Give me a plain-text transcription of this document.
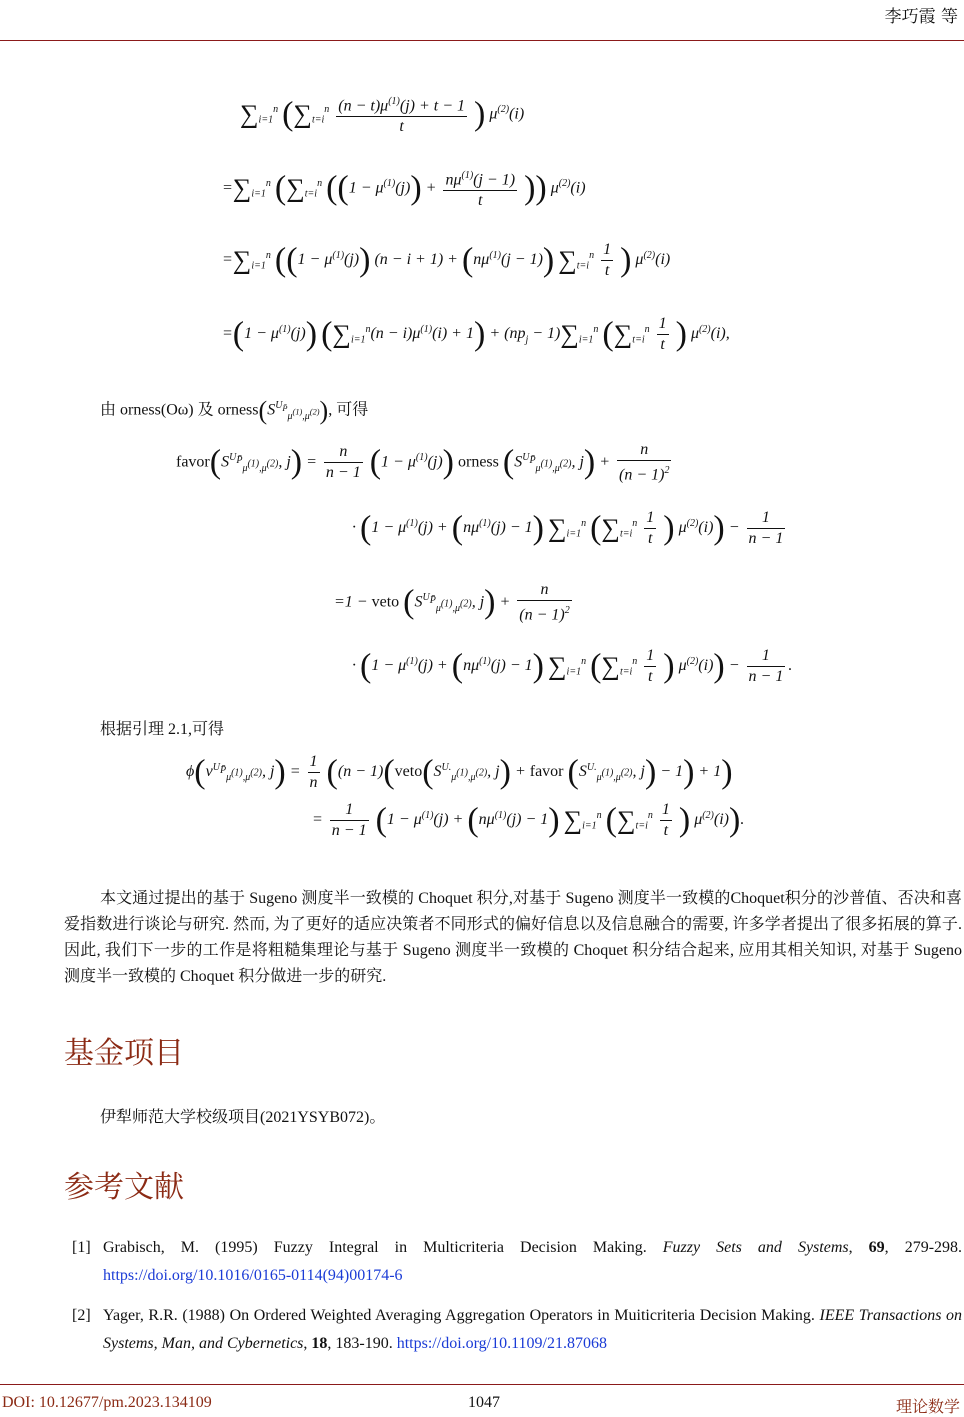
李巧霞 等
$\sum_{i=1}^n$ ($\sum_{t=i}^n \frac{(n - t)\mu^{(1)}(j) + t - 1}{t}$ ) $\mu^{(2)}(i)$
$=\sum_{i=1}^n$ ($\sum_{t=i}^n$ ($(1 - \mu^{(1)}(j)) + \frac{n\mu^{(1)}(j - 1)}{t}$ )) $\mu^{(2)}(i)$
$=\sum_{i=1}^n$ ($(1 - \mu^{(1)}(j))$ $(n - i + 1) + (n\mu^{(1)}(j - 1))$ $\sum_{t=i}^n \frac{1}{t}$ ) $\mu^{(2)}(i)$
$=(1 - \mu^{(1)}(j))$ $(\sum_{i=1}^n(n - i)\mu^{(1)}(i) + 1) + (np_j - 1)\sum_{i=1}^n$ ($\sum_{t=i}^n \frac{1}{t}$ ) $\mu^{(2)}(i)$,
由 orness(Oω) 及 $orness(S^{U_{P̄}}_{\mu^{(1)},\mu^{(2)}})$, 可得
$favor(S^{U_{P̄}}_{\mu^{(1)},\mu^{(2)}}$, $j) = \frac{n}{n - 1} (1 - \mu^{(1)}(j))$ orness ($S^{U_{P̄}}_{\mu^{(1)},\mu^{(2)}}$, $j) + \frac{n}{(n - 1)^2}$
· ($1 - \mu^{(1)}(j) + (n\mu^{(1)}(j) - 1)$ $\sum_{i=1}^n$ ($\sum_{t=i}^n \frac{1}{t}$ ) $\mu^{(2)}(i)) - \frac{1}{n - 1}$
=1 − veto ($S^{U_{P̄}}_{\mu^{(1)},\mu^{(2)}}$, $j) + \frac{n}{(n - 1)^2}$
· ($1 - \mu^{(1)}(j) + (n\mu^{(1)}(j) - 1)$ $\sum_{i=1}^n$ ($\sum_{t=i}^n \frac{1}{t}$ ) $\mu^{(2)}(i)) - \frac{1}{n - 1}$ .
根据引理 2.1,可得
$\phi(v^{U_{P̄}}_{\mu^{(1)},\mu^{(2)}}$, $j) = \frac{1}{n} ((n$ − $1)(veto(S^{U.}_{\mu^{(1)},\mu^{(2)}}$, j) + favor ($S^{U.}_{\mu^{(1)},\mu^{(2)}}$, j) − 1) + 1)
= $\frac{1}{n - 1} (1 - \mu^{(1)}(j) + (n\mu^{(1)}(j) - 1)$ $\sum_{i=1}^n$ ($\sum_{t=i}^n \frac{1}{t}$ ) $\mu^{(2)}(i)$).
本文通过提出的基于 Sugeno 测度半一致模的 Choquet 积分,对基于 Sugeno 测度半一致模的Choquet积分的沙普值、否决和喜爱指数进行谈论与研究. 然而, 为了更好的适应决策者不同形式的偏好信息以及信息融合的需要, 许多学者提出了很多拓展的算子. 因此, 我们下一步的工作是将粗糙集理论与基于 Sugeno 测度半一致模的 Choquet 积分结合起来, 应用其相关知识, 对基于 Sugeno 测度半一致模的 Choquet 积分做进一步的研究.
基金项目
伊犁师范大学校级项目(2021YSYB072)。
参考文献
[1] Grabisch, M. (1995) Fuzzy Integral in Multicriteria Decision Making. Fuzzy Sets and Systems, 69, 279-298. https://doi.org/10.1016/0165-0114(94)00174-6
[2] Yager, R.R. (1988) On Ordered Weighted Averaging Aggregation Operators in Muiticriteria Decision Making. IEEE Transactions on Systems, Man, and Cybernetics, 18, 183-190. https://doi.org/10.1109/21.87068
DOI: 10.12677/pm.2023.134109	1047	理论数学
